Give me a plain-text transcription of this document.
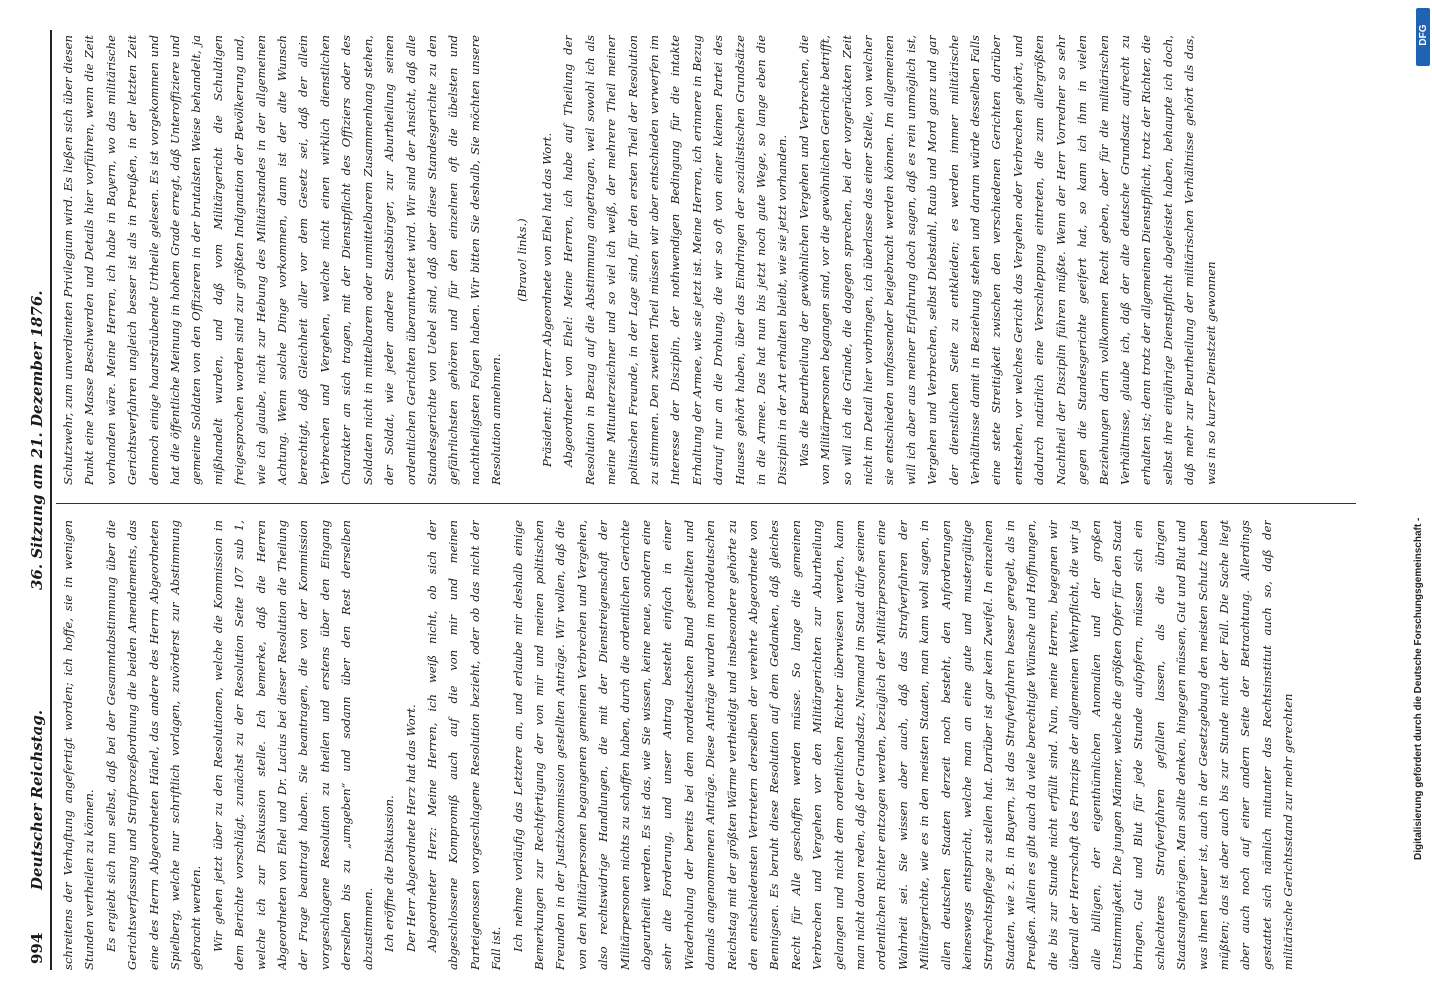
994
Deutscher Reichstag.
36. Sitzung am 21. Dezember 1876.

schreitens der Verhaftung angefertigt worden; ich hoffe, sie in wenigen Stunden vertheilen zu können. Es ergiebt sich nun selbst, daß bei der Gesammtabstimmung über die Gerichtsverfassung und Strafprozeßordnung die beiden Amendements, das eine des Herrn Abgeordneten Hänel, das andere des Herrn Abgeordneten Spielberg, welche nur schriftlich vorlagen, zuvörderst zur Abstimmung gebracht werden. Wir gehen jetzt über zu den Resolutionen, welche die Kommission in dem Berichte vorschlägt, zunächst zu der Resolution Seite 107 sub 1, welche ich zur Diskussion stelle. Ich bemerke, daß die Herren Abgeordneten von Ehel und Dr. Lucius bei dieser Resolution die Theilung der Frage beantragt haben. Sie beantragen, die von der Kommission vorgeschlagene Resolution zu theilen und erstens über den Eingang derselben bis zu „umgeben“ und sodann über den Rest derselben abzustimmen. Ich eröffne die Diskussion. Der Herr Abgeordnete Herz hat das Wort. Abgeordneter Herz: Meine Herren, ich weiß nicht, ob sich der abgeschlossene Kompromiß auch auf die von mir und meinen Parteigenossen vorgeschlagene Resolution bezieht, oder ob das nicht der Fall ist. Ich nehme vorläufig das Letztere an, und erlaube mir deshalb einige Bemerkungen zur Rechtfertigung der von mir und meinen politischen Freunden in der Justizkommission gestellten Anträge. Wir wollen, daß die von den Militärpersonen begangenen gemeinen Verbrechen und Vergehen, also rechtswidrige Handlungen, die mit der Dienstreigenschaft der Militärpersonen nichts zu schaffen haben, durch die ordentlichen Gerichte abgeurtheilt werden. Es ist das, wie Sie wissen, keine neue, sondern eine sehr alte Forderung, und unser Antrag besteht einfach in einer Wiederholung der bereits bei dem norddeutschen Bund gestellten und damals angenommenen Anträge. Diese Anträge wurden im norddeutschen Reichstag mit der größten Wärme vertheidigt und insbesondere gehörte zu den entschiedensten Vertretern derselben der verehrte Abgeordnete von Bennigsen. Es beruht diese Resolution auf dem Gedanken, daß gleiches Recht für Alle geschaffen werden müsse. So lange die gemeinen Verbrechen und Vergehen vor den Militärgerichten zur Aburtheilung gelangen und nicht dem ordentlichen Richter überwiesen werden, kann man nicht davon reden, daß der Grundsatz, Niemand im Staat dürfe seinem ordentlichen Richter entzogen werden, bezüglich der Militärpersonen eine Wahrheit sei. Sie wissen aber auch, daß das Strafverfahren der Militärgerichte, wie es in den meisten Staaten, man kann wohl sagen, in allen deutschen Staaten derzeit noch besteht, den Anforderungen keineswegs entspricht, welche man an eine gute und mustergültige Strafrechtspflege zu stellen hat. Darüber ist gar kein Zweifel. In einzelnen Staaten, wie z. B. in Bayern, ist das Strafverfahren besser geregelt, als in Preußen. Allein es gibt auch da viele berechtigte Wünsche und Hoffnungen, die bis zur Stunde nicht erfüllt sind. Nun, meine Herren, begegnen wir überall der Herrschaft des Prinzips der allgemeinen Wehrpflicht, die wir ja alle billigen, der eigenthümlichen Anomalien und der großen Unstimmigkeit. Die jungen Männer, welche die größten Opfer für den Staat bringen, Gut und Blut für jede Stunde aufopfern, müssen sich ein schlechteres Strafverfahren gefallen lassen, als die übrigen Staatsangehörigen. Man sollte denken, hingegen müssen, Gut und Blut und was ihnen theuer ist, auch in der Gesetzgebung den meisten Schutz haben müßten; das ist aber auch bis zur Stunde nicht der Fall. Die Sache liegt aber auch noch auf einer andern Seite der Betrachtung. Allerdings gestattet sich nämlich mitunter das Rechtsinstitut auch so, daß der militärische Gerichtsstand zur mehr gerechten

Schutzwehr, zum unverdienten Privilegium wird. Es ließen sich über diesen Punkt eine Masse Beschwerden und Details hier vorführen, wenn die Zeit vorhanden wäre. Meine Herren, ich habe in Bayern, wo das militärische Gerichtsverfahren ungleich besser ist als in Preußen, in der letzten Zeit dennoch einige haarsträubende Urtheile gelesen. Es ist vorgekommen und hat die öffentliche Meinung in hohem Grade erregt, daß Unteroffiziere und gemeine Soldaten von den Offizieren in der brutalsten Weise behandelt, ja mißhandelt wurden, und daß vom Militärgericht die Schuldigen freigesprochen worden sind zur größten Indignation der Bevölkerung und, wie ich glaube, nicht zur Hebung des Militärstandes in der allgemeinen Achtung. Wenn solche Dinge vorkommen, dann ist der alte Wunsch berechtigt, daß Gleichheit aller vor dem Gesetz sei, daß der allein Verbrechen und Vergehen, welche nicht einen wirklich dienstlichen Charakter an sich tragen, mit der Dienstpflicht des Offiziers oder des Soldaten nicht in mittelbarem oder unmittelbarem Zusammenhang stehen, der Soldat, wie jeder andere Staatsbürger, zur Aburtheilung seinen ordentlichen Gerichten überantwortet wird. Wir sind der Ansicht, daß alle Standesgerichte von Uebel sind, daß aber diese Standesgerichte zu den gefährlichsten gehören und für den einzelnen oft die übelsten und nachtheiligsten Folgen haben. Wir bitten Sie deshalb, Sie möchten unsere Resolution annehmen.

(Bravo! links.) Präsident: Der Herr Abgeordnete von Ehel hat das Wort. Abgeordneter von Ehel: Meine Herren, ich habe auf Theilung der Resolution in Bezug auf die Abstimmung angetragen, weil sowohl ich als meine Mitunterzeichner und so viel ich weiß, der mehrere Theil meiner politischen Freunde, in der Lage sind, für den ersten Theil der Resolution zu stimmen. Den zweiten Theil müssen wir aber entschieden verwerfen im Interesse der Disziplin, der nothwendigen Bedingung für die intakte Erhaltung der Armee, wie sie jetzt ist. Meine Herren, ich erinnere in Bezug darauf nur an die Drohung, die wir so oft von einer kleinen Partei des Hauses gehört haben, über das Eindringen der sozialistischen Grundsätze in die Armee. Das hat nun bis jetzt noch gute Wege, so lange eben die Disziplin in der Art erhalten bleibt, wie sie jetzt vorhanden. Was die Beurtheilung der gewöhnlichen Vergehen und Verbrechen, die von Militärpersonen begangen sind, vor die gewöhnlichen Gerichte betrifft, so will ich die Gründe, die dagegen sprechen, bei der vorgerückten Zeit nicht im Detail hier vorbringen, ich überlasse das einer Stelle, von welcher sie entschieden umfassender beigebracht werden können. Im allgemeinen will ich aber aus meiner Erfahrung doch sagen, daß es rein unmöglich ist, Vergehen und Verbrechen, selbst Diebstahl, Raub und Mord ganz und gar der dienstlichen Seite zu entkleiden; es werden immer militärische Verhältnisse damit in Beziehung stehen und darum würde desselben Falls eine stete Streitigkeit zwischen den verschiedenen Gerichten darüber entstehen, vor welches Gericht das Vergehen oder Verbrechen gehört, und dadurch natürlich eine Verschleppung eintreten, die zum allergrößten Nachtheil der Disziplin führen müßte. Wenn der Herr Vorredner so sehr gegen die Standesgerichte geeifert hat, so kann ich ihm in vielen Beziehungen darin vollkommen Recht geben, aber für die militärischen Verhältnisse, glaube ich, daß der alte deutsche Grundsatz aufrecht zu erhalten ist; denn trotz der allgemeinen Dienstpflicht, trotz der Richter, die selbst ihre einjährige Dienstpflicht abgeleistet haben, behaupte ich doch, daß mehr zur Beurtheilung der militärischen Verhältnisse gehört als das, was in so kurzer Dienstzeit gewonnen

Digitalisierung gefördert durch die Deutsche Forschungsgemeinschaft -
DFG
